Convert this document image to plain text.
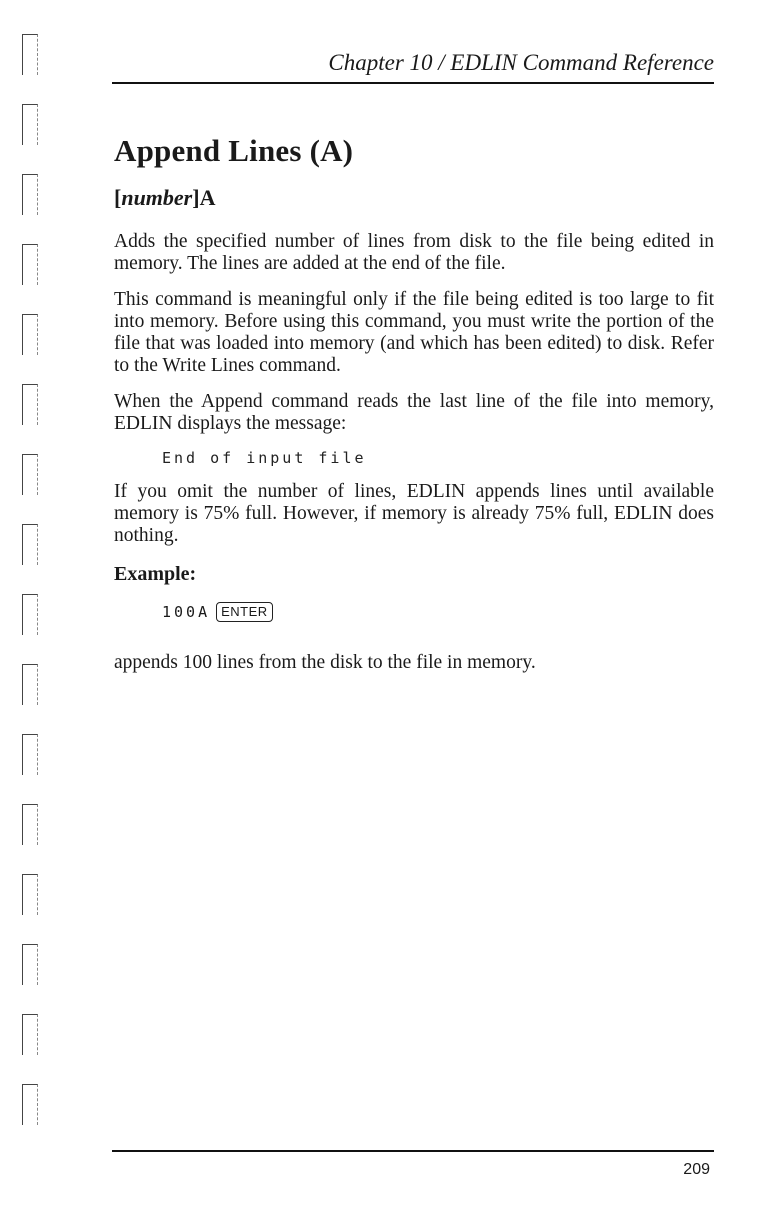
Chapter 10 / EDLIN Command Reference
Append Lines (A)
[number]A

Adds the specified number of lines from disk to the file being edited in memory. The lines are added at the end of the file.

This command is meaningful only if the file being edited is too large to fit into memory. Before using this command, you must write the portion of the file that was loaded into memory (and which has been edited) to disk. Refer to the Write Lines command.

When the Append command reads the last line of the file into memory, EDLIN displays the message:

End of input file

If you omit the number of lines, EDLIN appends lines until available memory is 75% full. However, if memory is already 75% full, EDLIN does nothing.

Example:
100A ENTER

appends 100 lines from the disk to the file in memory.

209
